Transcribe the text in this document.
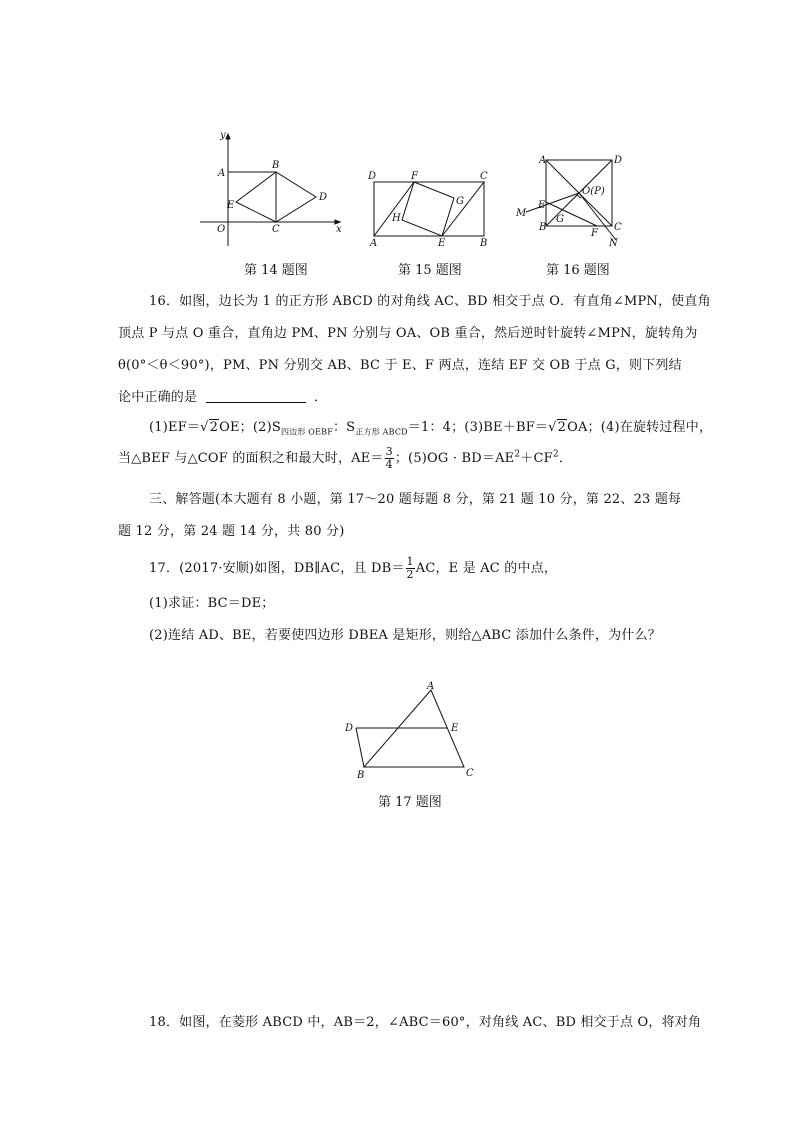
y
x
A
B
E
D
O	C
第 14 题图
D	F	C
G
H
A	E	B
第 15 题图
A	D
O(P)
M
E
G
B
F
C
N
第 16 题图
16．如图，边长为 1 的正方形 ABCD 的对角线 AC、BD 相交于点 O．有直角∠MPN，使直角
顶点 P 与点 O 重合，直角边 PM、PN 分别与 OA、OB 重合，然后逆时针旋转∠MPN，旋转角为
θ(0°＜θ＜90°)，PM、PN 分别交 AB、BC 于 E、F 两点，连结 EF 交 OB 于点 G，则下列结
论中正确的是	．
(1)EF＝√2OE；$(2)S_{四边形 OEBF}$：$S_{正方形 ABCD}=1$：4；(3)BE＋BF＝√2OA；(4)在旋转过程中，
当△BEF 与△COF 的面积之和最大时，$AE= \frac{3}{4}$ ；$(5)OG \cdot BD=AE^2+CF^2$．
三、解答题(本大题有 8 小题，第 17～20 题每题 8 分，第 21 题 10 分，第 22、23 题每
题 12 分，第 24 题 14 分，共 80 分)
17．(2017·安顺)如图，DB∥AC，且 $DB= \frac{1}{2}$ AC，E 是 AC 的中点，
(1)求证：BC＝DE；
(2)连结 AD、BE，若要使四边形 DBEA 是矩形，则给△ABC 添加什么条件，为什么？
A
D	E
B	C
第 17 题图
18．如图，在菱形 ABCD 中，AB＝2，∠ABC＝60°，对角线 AC、BD 相交于点 O，将对角
